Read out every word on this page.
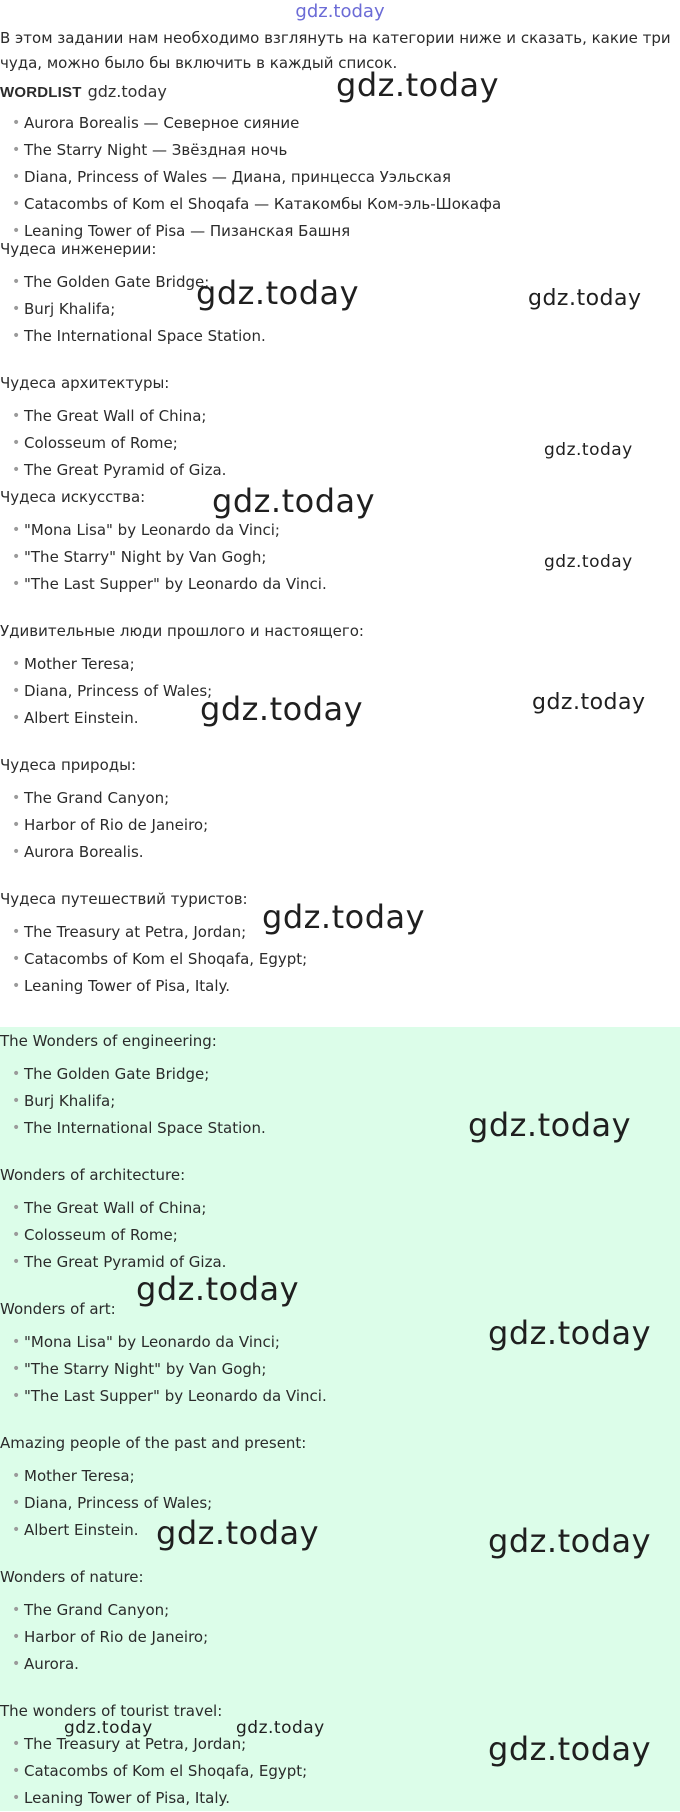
gdz.today

В этом задании нам необходимо взглянуть на категории ниже и сказать, какие три чуда, можно было бы включить в каждый список.

WORDLIST gdz.today
• Aurora Borealis — Северное сияние
• The Starry Night — Звёздная ночь
• Diana, Princess of Wales — Диана, принцесса Уэльская
• Catacombs of Kom el Shoqafa — Катакомбы Ком-эль-Шокафа
• Leaning Tower of Pisa — Пизанская Башня

Чудеса инженерии:

• The Golden Gate Bridge;
• Burj Khalifa;
• The International Space Station.

Чудеса архитектуры:

• The Great Wall of China;
• Colosseum of Rome;
• The Great Pyramid of Giza.

Чудеса искусства:

• "Mona Lisa" by Leonardo da Vinci;
• "The Starry" Night by Van Gogh;
• "The Last Supper" by Leonardo da Vinci.

Удивительные люди прошлого и настоящего:

• Mother Teresa;
• Diana, Princess of Wales;
• Albert Einstein.

Чудеса природы:

• The Grand Canyon;
• Harbor of Rio de Janeiro;
• Aurora Borealis.

Чудеса путешествий туристов:

• The Treasury at Petra, Jordan;
• Catacombs of Kom el Shoqafa, Egypt;
• Leaning Tower of Pisa, Italy.

The Wonders of engineering:

• The Golden Gate Bridge;
• Burj Khalifa;
• The International Space Station.

Wonders of architecture:

• The Great Wall of China;
• Colosseum of Rome;
• The Great Pyramid of Giza.

Wonders of art:

• "Mona Lisa" by Leonardo da Vinci;
• "The Starry Night" by Van Gogh;
• "The Last Supper" by Leonardo da Vinci.

Amazing people of the past and present:

• Mother Teresa;
• Diana, Princess of Wales;
• Albert Einstein.

Wonders of nature:

• The Grand Canyon;
• Harbor of Rio de Janeiro;
• Aurora.

The wonders of tourist travel:

• The Treasury at Petra, Jordan;
• Catacombs of Kom el Shoqafa, Egypt;
• Leaning Tower of Pisa, Italy.
gdz.today
gdz.today	gdz.today
gdz.today
gdz.today
gdz.today
gdz.today	gdz.today
gdz.today
gdz.today
gdz.today
gdz.today
gdz.today	gdz.today
gdz.today	gdz.today
gdz.today
